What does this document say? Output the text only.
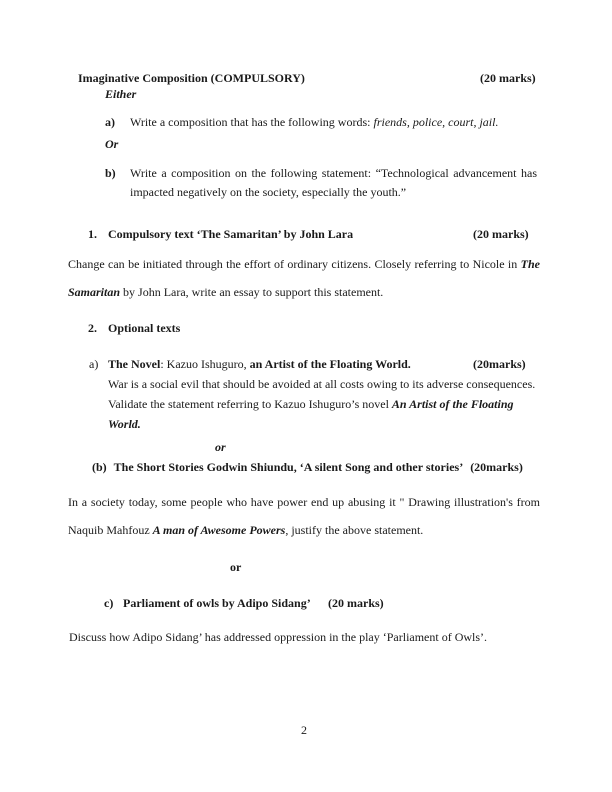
Imaginative Composition (COMPULSORY)	(20 marks)
Either
a) Write a composition that has the following words: friends, police, court, jail.
Or
b) Write a composition on the following statement: “Technological advancement has impacted negatively on the society, especially the youth.”
1. Compulsory text ‘The Samaritan’ by John Lara	(20 marks)
Change can be initiated through the effort of ordinary citizens. Closely referring to Nicole in The Samaritan by John Lara, write an essay to support this statement.
2. Optional texts
a)	(20marks)
The Novel: Kazuo Ishuguro, an Artist of the Floating World.
War is a social evil that should be avoided at all costs owing to its adverse consequences.
Validate the statement referring to Kazuo Ishuguro’s novel An Artist of the Floating World.
or
(b) The Short Stories Godwin Shiundu, ‘A silent Song and other stories’ (20marks)
In a society today, some people who have power end up abusing it " Drawing illustration's from Naquib Mahfouz A man of Awesome Powers, justify the above statement.
or
c) Parliament of owls by Adipo Sidang’ (20 marks)
Discuss how Adipo Sidang’ has addressed oppression in the play ‘Parliament of Owls’.
2
